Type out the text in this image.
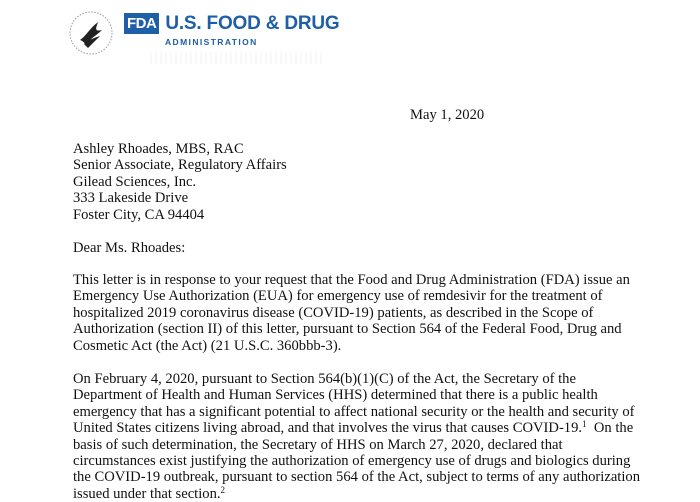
FDA U.S. FOOD & DRUG
ADMINISTRATION
May 1, 2020
Ashley Rhoades, MBS, RAC
Senior Associate, Regulatory Affairs
Gilead Sciences, Inc.
333 Lakeside Drive
Foster City, CA 94404
Dear Ms. Rhoades:
This letter is in response to your request that the Food and Drug Administration (FDA) issue an
Emergency Use Authorization (EUA) for emergency use of remdesivir for the treatment of
hospitalized 2019 coronavirus disease (COVID-19) patients, as described in the Scope of
Authorization (section II) of this letter, pursuant to Section 564 of the Federal Food, Drug and
Cosmetic Act (the Act) (21 U.S.C. 360bbb-3).
On February 4, 2020, pursuant to Section 564(b)(1)(C) of the Act, the Secretary of the
Department of Health and Human Services (HHS) determined that there is a public health
emergency that has a significant potential to affect national security or the health and security of
United States citizens living abroad, and that involves the virus that causes COVID-19.$^1$  On the
basis of such determination, the Secretary of HHS on March 27, 2020, declared that
circumstances exist justifying the authorization of emergency use of drugs and biologics during
the COVID-19 outbreak, pursuant to section 564 of the Act, subject to terms of any authorization
issued under that section.$^2$
